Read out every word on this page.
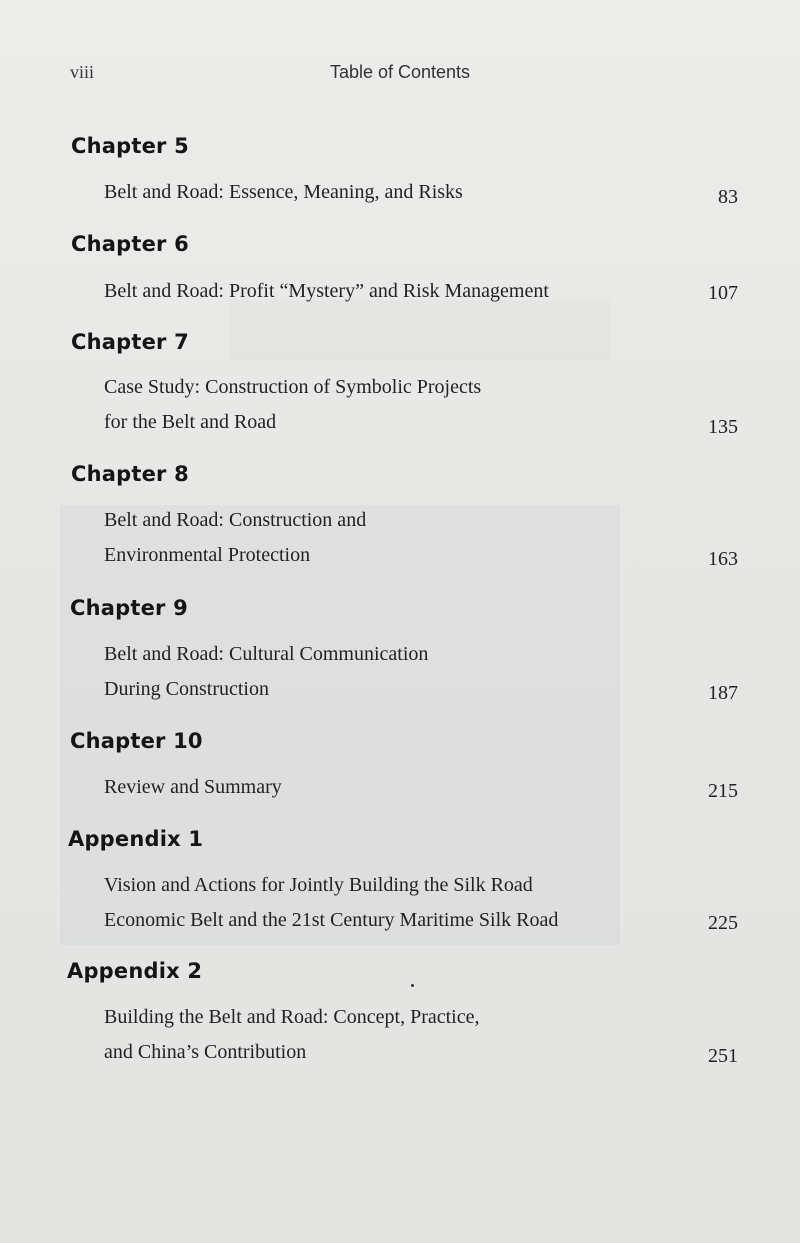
viii	Table of Contents
Chapter 5
Belt and Road: Essence, Meaning, and Risks	83
Chapter 6
Belt and Road: Profit “Mystery” and Risk Management	107
Chapter 7
Case Study: Construction of Symbolic Projects
for the Belt and Road	135
Chapter 8
Belt and Road: Construction and
Environmental Protection	163
Chapter 9
Belt and Road: Cultural Communication
During Construction	187
Chapter 10
Review and Summary	215
Appendix 1
Vision and Actions for Jointly Building the Silk Road
Economic Belt and the 21st Century Maritime Silk Road	225
Appendix 2
Building the Belt and Road: Concept, Practice,
and China’s Contribution	251
